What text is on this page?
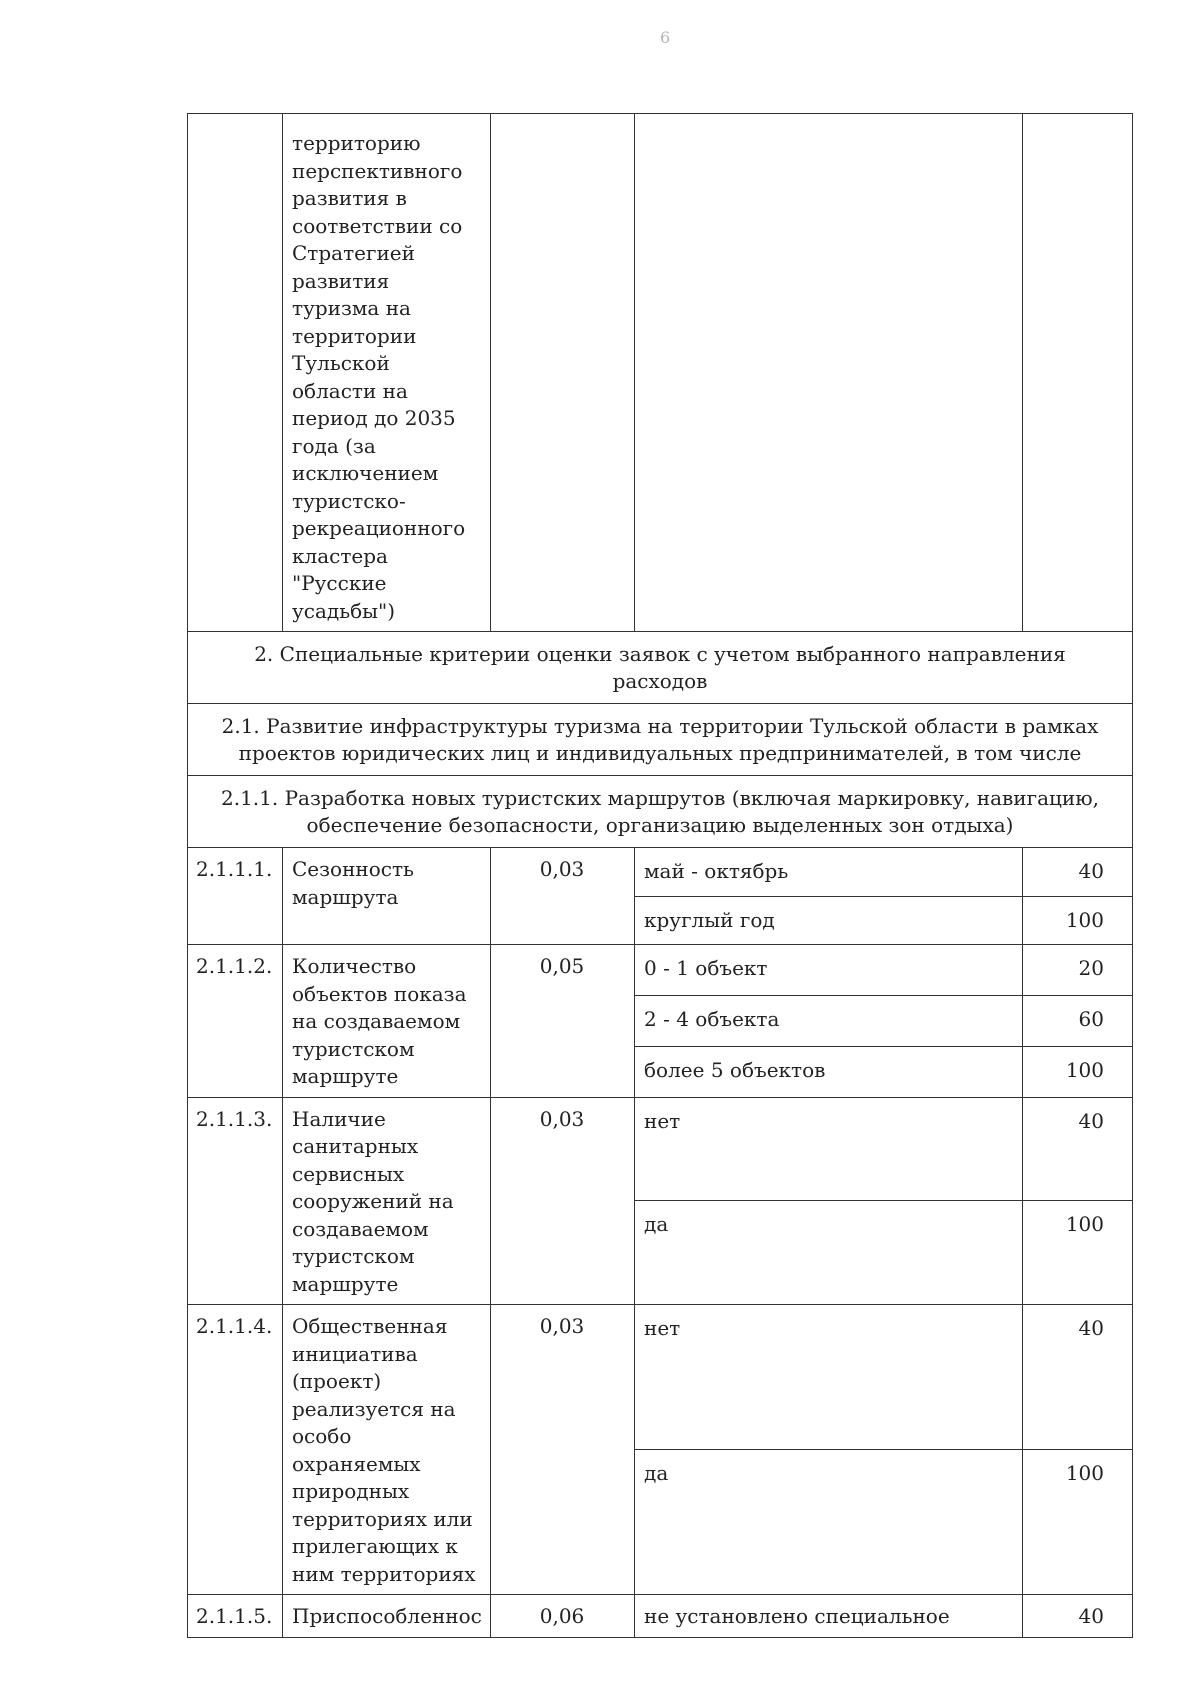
6
	территорию перспективного развития в соответствии со Стратегией развития туризма на территории Тульской области на период до 2035 года (за исключением туристско-рекреационного кластера "Русские усадьбы")			
2. Специальные критерии оценки заявок с учетом выбранного направления расходов				
2.1. Развитие инфраструктуры туризма на территории Тульской области в рамках проектов юридических лиц и индивидуальных предпринимателей, в том числе				
2.1.1. Разработка новых туристских маршрутов (включая маркировку, навигацию, обеспечение безопасности, организацию выделенных зон отдыха)				
2.1.1.1.	Сезонность маршрута	0,03	май - октябрь	40
			круглый год	100
2.1.1.2.	Количество объектов показа на создаваемом туристском маршруте	0,05	0 - 1 объект	20
			2 - 4 объекта	60
			более 5 объектов	100
2.1.1.3.	Наличие санитарных сервисных сооружений на создаваемом туристском маршруте	0,03	нет	40
			да	100
2.1.1.4.	Общественная инициатива (проект) реализуется на особо охраняемых природных территориях или прилегающих к ним территориях	0,03	нет	40
			да	100
2.1.1.5.	Приспособленнос	0,06	не установлено специальное	40
